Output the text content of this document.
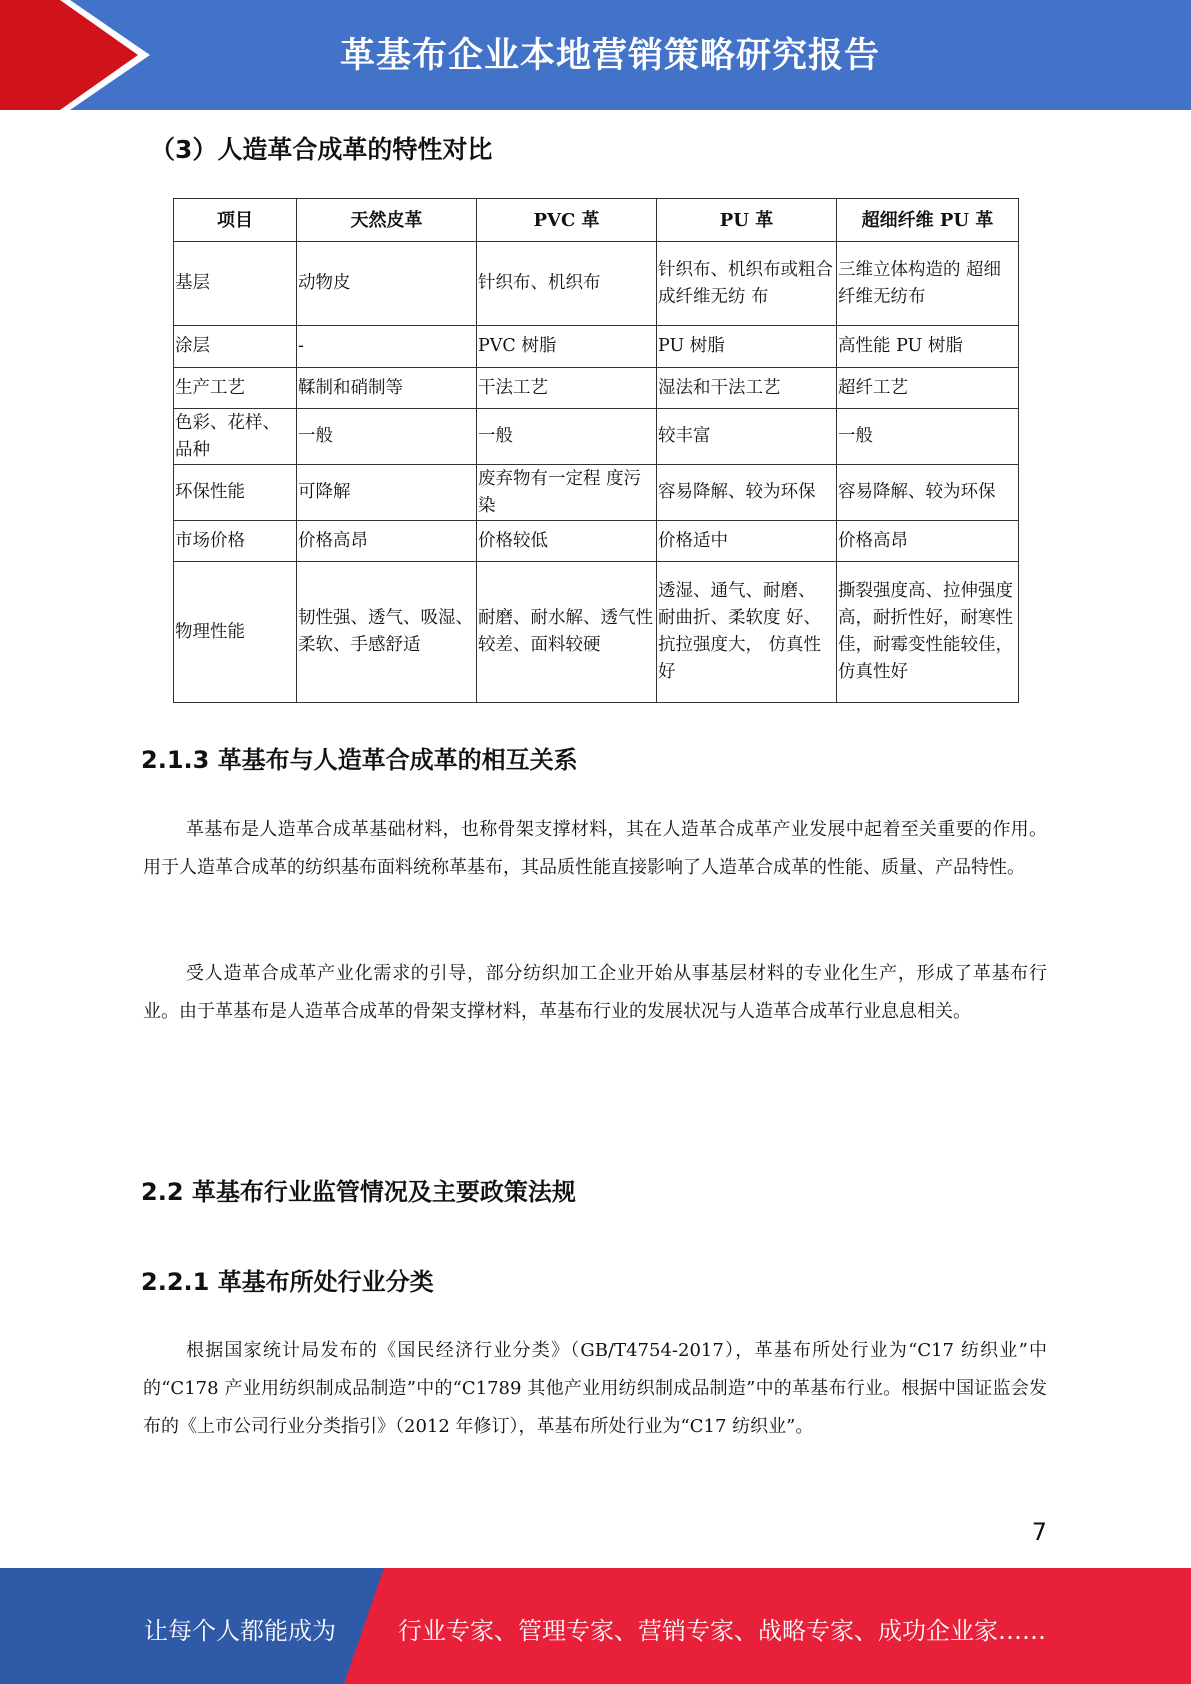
革基布企业本地营销策略研究报告
（3）人造革合成革的特性对比
项目	天然皮革	PVC 革	PU 革	超细纤维 PU 革
基层	动物皮	针织布、机织布	针织布、机织布或粗合成纤维无纺 布	三维立体构造的 超细纤维无纺布
涂层	-	PVC 树脂	PU 树脂	高性能 PU 树脂
生产工艺	鞣制和硝制等	干法工艺	湿法和干法工艺	超纤工艺
色彩、花样、品种	一般	一般	较丰富	一般
环保性能	可降解	废弃物有一定程 度污染	容易降解、较为环保	容易降解、较为环保
市场价格	价格高昂	价格较低	价格适中	价格高昂
物理性能	韧性强、透气、吸湿、柔软、手感舒适	耐磨、耐水解、透气性较差、面料较硬	透湿、通气、耐磨、 耐曲折、柔软度 好、抗拉强度大， 仿真性好	撕裂强度高、拉伸强度高，耐折性好，耐寒性佳，耐霉变性能较佳，仿真性好
2.1.3 革基布与人造革合成革的相互关系
革基布是人造革合成革基础材料，也称骨架支撑材料，其在人造革合成革产业发展中起着至关重要的作用。用于人造革合成革的纺织基布面料统称革基布，其品质性能直接影响了人造革合成革的性能、质量、产品特性。
受人造革合成革产业化需求的引导，部分纺织加工企业开始从事基层材料的专业化生产，形成了革基布行业。由于革基布是人造革合成革的骨架支撑材料，革基布行业的发展状况与人造革合成革行业息息相关。
2.2 革基布行业监管情况及主要政策法规
2.2.1 革基布所处行业分类
根据国家统计局发布的《国民经济行业分类》（GB/T4754-2017），革基布所处行业为“C17 纺织业”中的“C178 产业用纺织制成品制造”中的“C1789 其他产业用纺织制成品制造”中的革基布行业。根据中国证监会发布的《上市公司行业分类指引》（2012 年修订），革基布所处行业为“C17 纺织业”。
7
让每个人都能成为	行业专家、管理专家、营销专家、战略专家、成功企业家……
